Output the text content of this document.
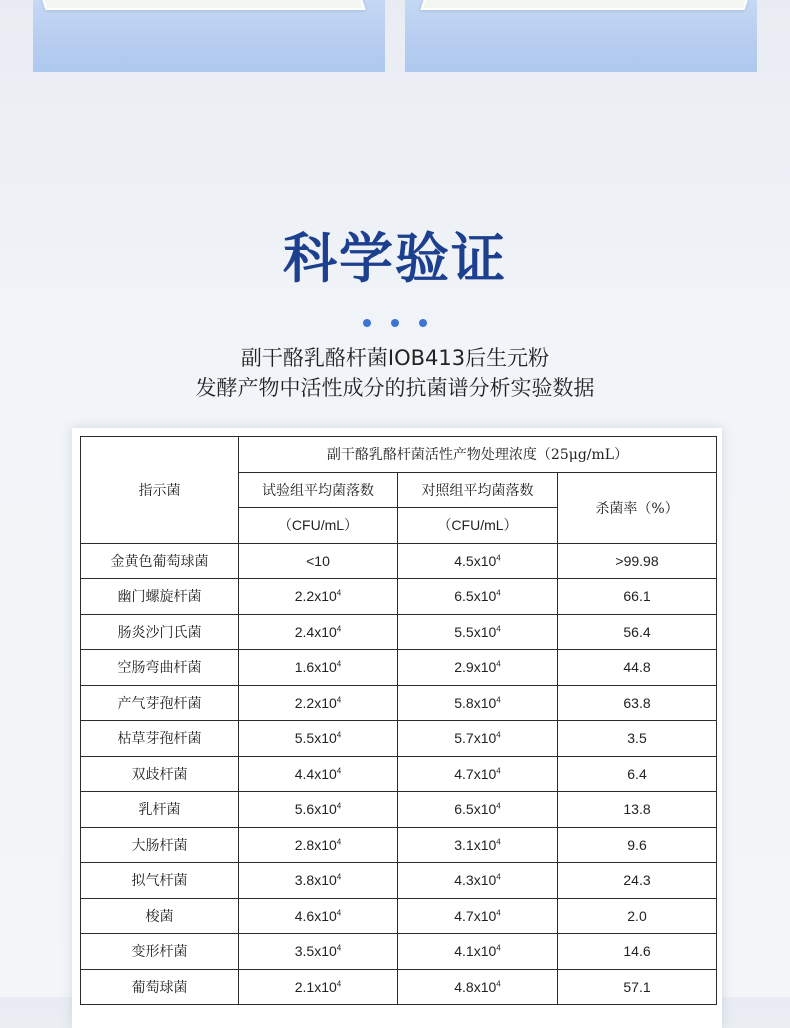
科学验证
副干酪乳酪杆菌IOB413后生元粉
发酵产物中活性成分的抗菌谱分析实验数据
指示菌	副干酪乳酪杆菌活性产物处理浓度（25μg/mL）		
	试验组平均菌落数	对照组平均菌落数	杀菌率（%）
	（CFU/mL）	（CFU/mL）	
金黄色葡萄球菌	<10	$4.5x10^4$	>99.98
幽门螺旋杆菌	$2.2x10^4$	$6.5x10^4$	66.1
肠炎沙门氏菌	$2.4x10^4$	$5.5x10^4$	56.4
空肠弯曲杆菌	$1.6x10^4$	$2.9x10^4$	44.8
产气芽孢杆菌	$2.2x10^4$	$5.8x10^4$	63.8
枯草芽孢杆菌	$5.5x10^4$	$5.7x10^4$	3.5
双歧杆菌	$4.4x10^4$	$4.7x10^4$	6.4
乳杆菌	$5.6x10^4$	$6.5x10^4$	13.8
大肠杆菌	$2.8x10^4$	$3.1x10^4$	9.6
拟气杆菌	$3.8x10^4$	$4.3x10^4$	24.3
梭菌	$4.6x10^4$	$4.7x10^4$	2.0
变形杆菌	$3.5x10^4$	$4.1x10^4$	14.6
葡萄球菌	$2.1x10^4$	$4.8x10^4$	57.1
